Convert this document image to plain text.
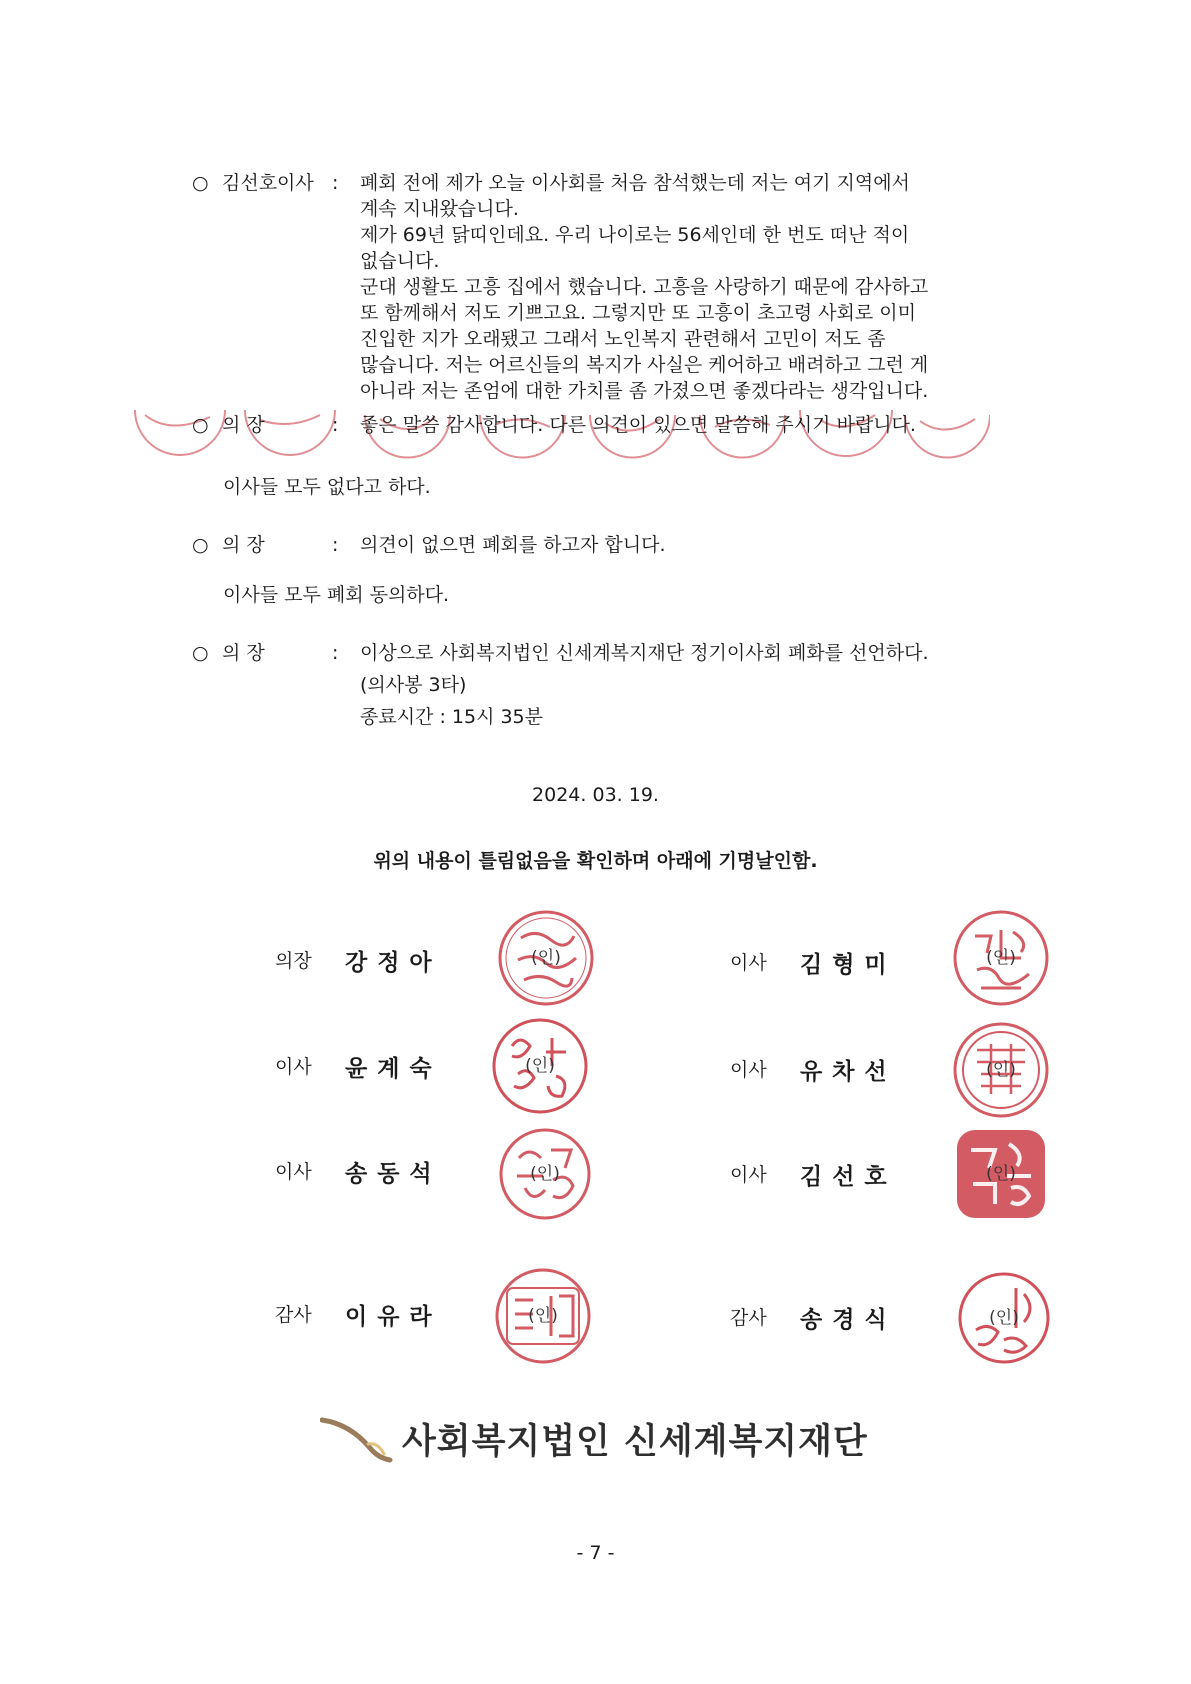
○ 김선호이사 : 폐회 전에 제가 오늘 이사회를 처음 참석했는데 저는 여기 지역에서
계속 지내왔습니다.
제가 69년 닭띠인데요. 우리 나이로는 56세인데 한 번도 떠난 적이
없습니다.
군대 생활도 고흥 집에서 했습니다. 고흥을 사랑하기 때문에 감사하고
또 함께해서 저도 기쁘고요. 그렇지만 또 고흥이 초고령 사회로 이미
진입한 지가 오래됐고 그래서 노인복지 관련해서 고민이 저도 좀
많습니다. 저는 어르신들의 복지가 사실은 케어하고 배려하고 그런 게
아니라 저는 존엄에 대한 가치를 좀 가졌으면 좋겠다라는 생각입니다.
○ 의 장	: 좋은 말씀 감사합니다. 다른 의견이 있으면 말씀해 주시기 바랍니다.
이사들 모두 없다고 하다.
○ 의 장	: 의견이 없으면 폐회를 하고자 합니다.
이사들 모두 폐회 동의하다.
○ 의 장	: 이상으로 사회복지법인 신세계복지재단 정기이사회 폐화를 선언하다.
(의사봉 3타)
종료시간 : 15시 35분
2024. 03. 19.
위의 내용이 틀림없음을 확인하며 아래에 기명날인함.
의장 강정아	이사 김형미
이사 윤계숙	이사 유차선
이사 송동석	이사 김선호
감사 이유라	감사 송경식
(인)	(인)
(인)	(인)
(인)	(인)
(인)	(인)
사회복지법인 신세계복지재단
- 7 -
